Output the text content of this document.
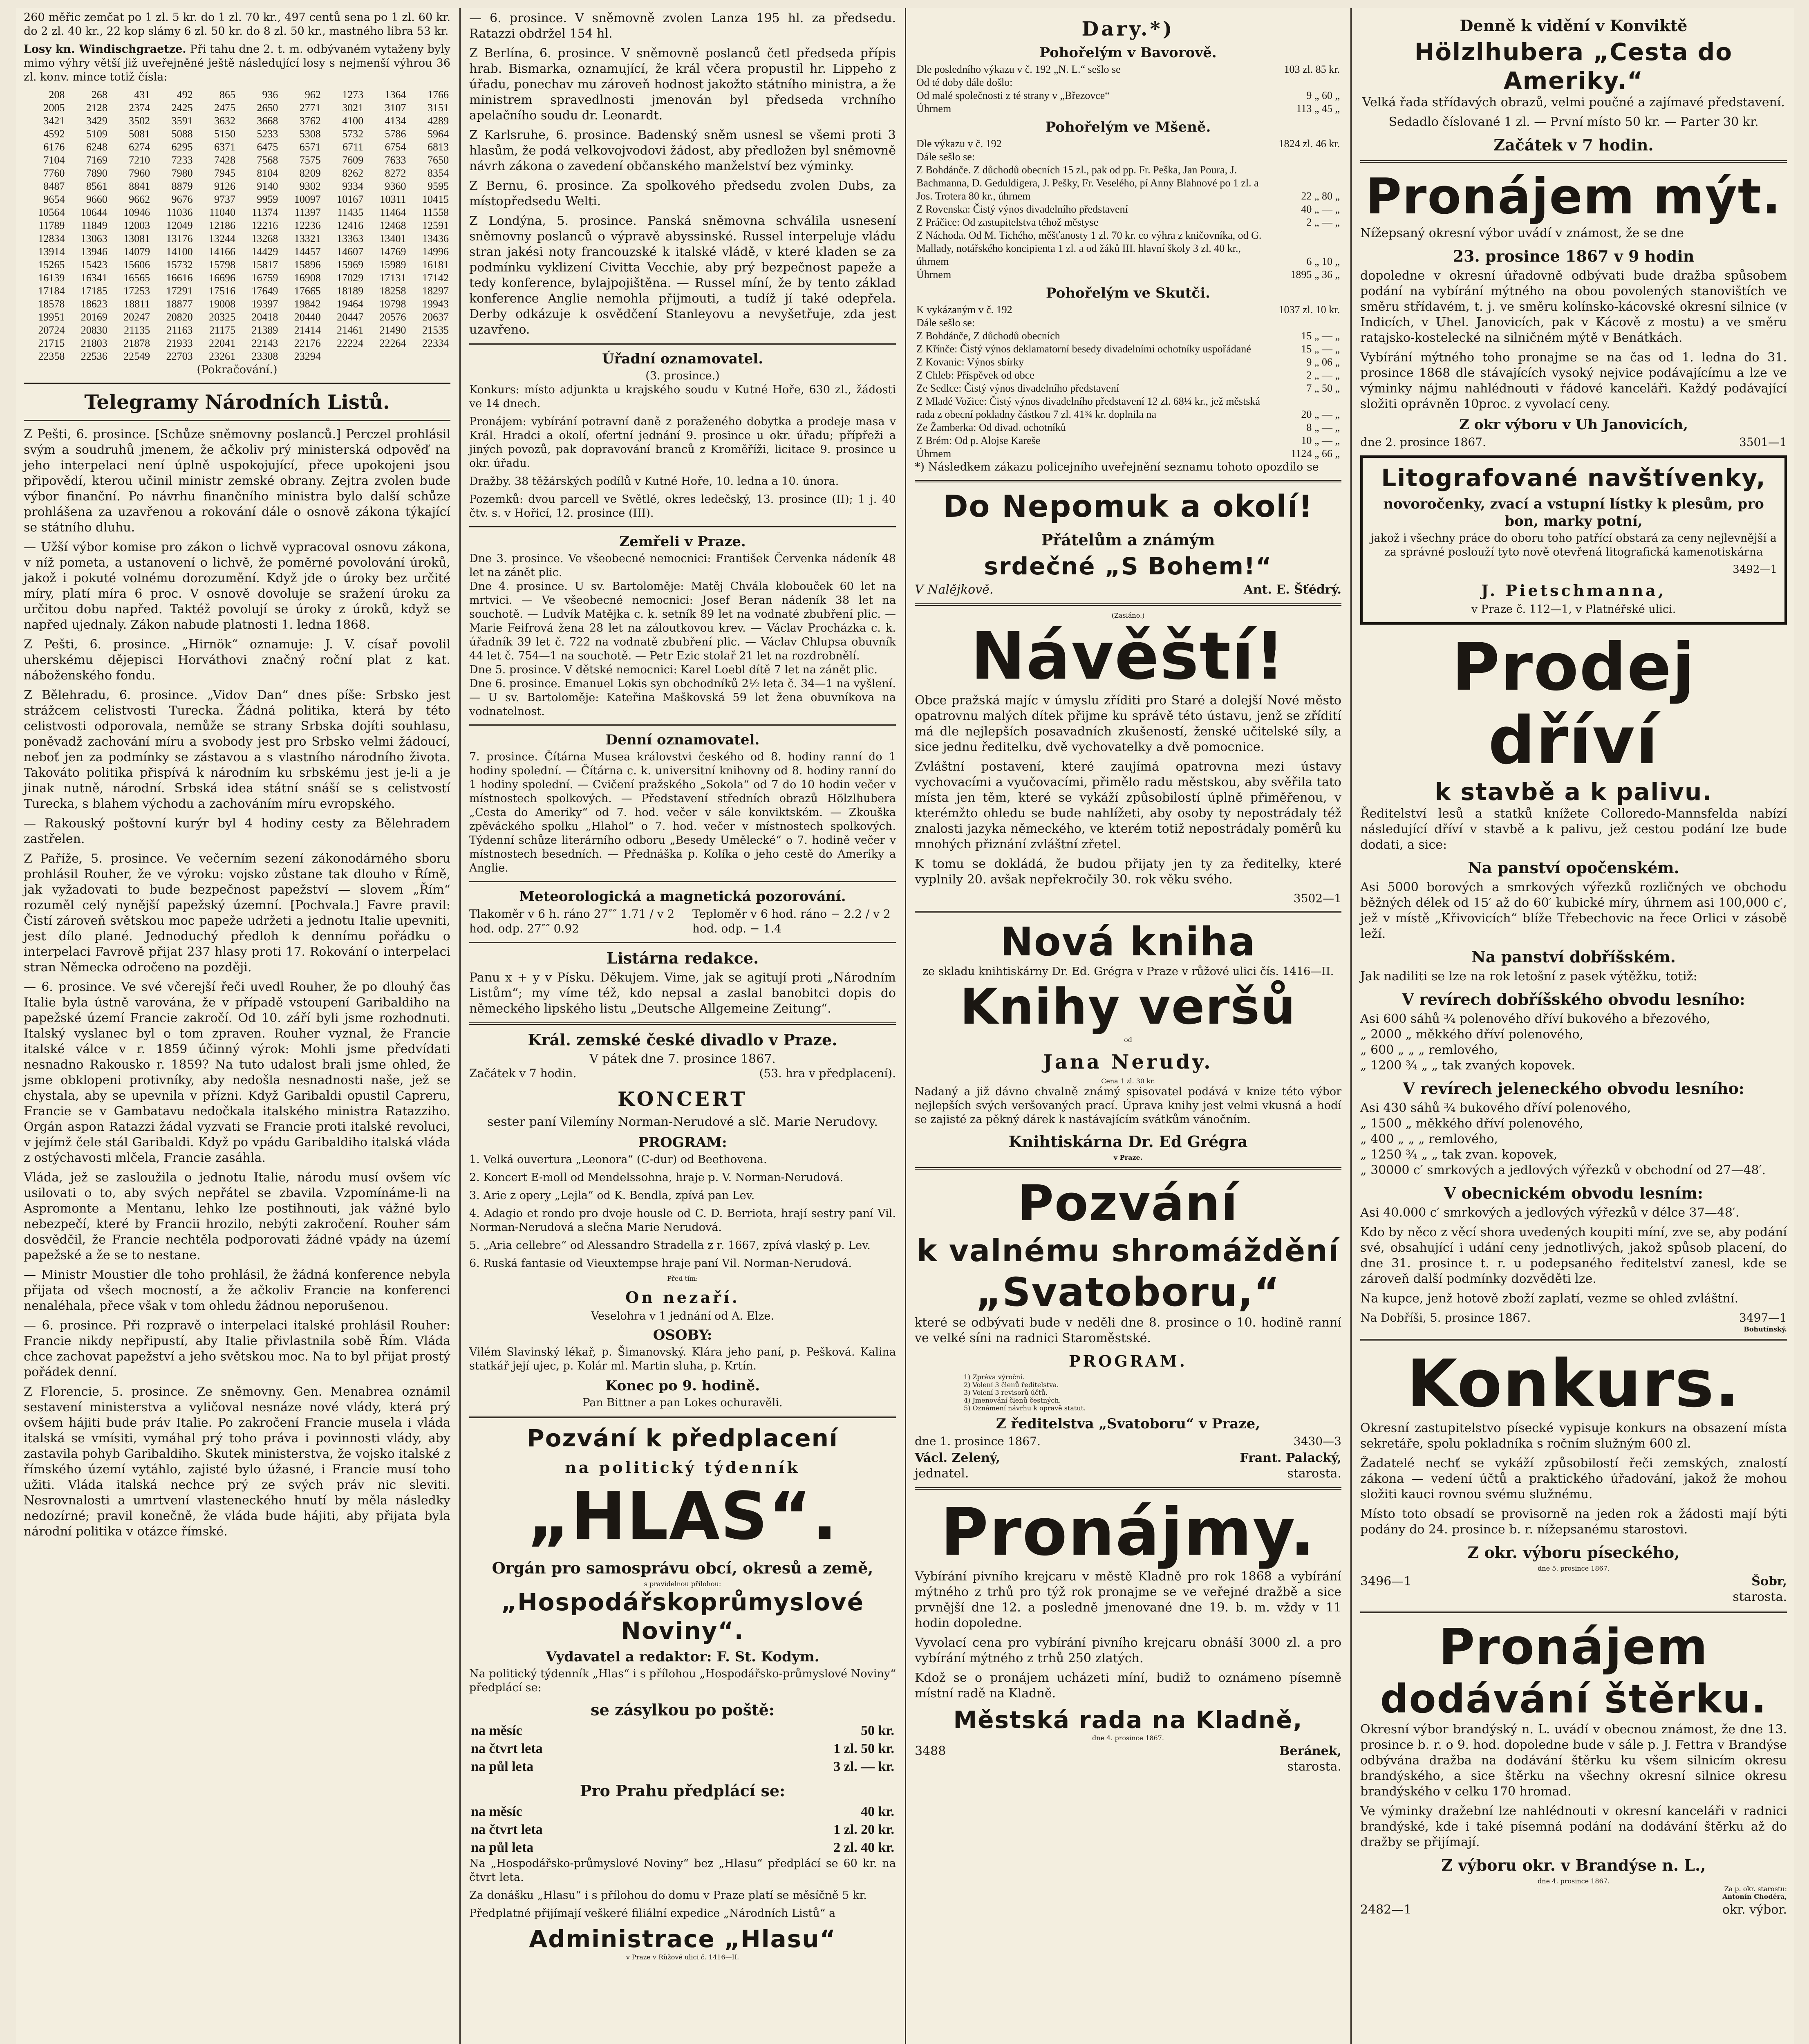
260 měřic zemčat po 1 zl. 5 kr. do 1 zl. 70 kr., 497 centů sena po 1 zl. 60 kr. do 2 zl. 40 kr., 22 kop slámy 6 zl. 50 kr. do 8 zl. 50 kr., mastného libra 53 kr.

Losy kn. Windischgraetze. Při tahu dne 2. t. m. odbývaném vytaženy byly mimo výhry větší již uveřejněné ještě následující losy s nejmenší výhrou 36 zl. konv. mince totiž čísla:

208	268	431	492	865	936	962	1273	1364	1766
2005	2128	2374	2425	2475	2650	2771	3021	3107	3151
3421	3429	3502	3591	3632	3668	3762	4100	4134	4289
4592	5109	5081	5088	5150	5233	5308	5732	5786	5964
6176	6248	6274	6295	6371	6475	6571	6711	6754	6813
7104	7169	7210	7233	7428	7568	7575	7609	7633	7650
7760	7890	7960	7980	7945	8104	8209	8262	8272	8354
8487	8561	8841	8879	9126	9140	9302	9334	9360	9595
9654	9660	9662	9676	9737	9959	10097	10167	10311	10415
10564	10644	10946	11036	11040	11374	11397	11435	11464	11558
11789	11849	12003	12049	12186	12216	12236	12416	12468	12591
12834	13063	13081	13176	13244	13268	13321	13363	13401	13436
13914	13946	14079	14100	14166	14429	14457	14607	14769	14996
15265	15423	15606	15732	15798	15817	15896	15969	15989	16181
16139	16341	16565	16616	16696	16759	16908	17029	17131	17142
17184	17185	17253	17291	17516	17649	17665	18189	18258	18297
18578	18623	18811	18877	19008	19397	19842	19464	19798	19943
19951	20169	20247	20820	20325	20418	20440	20447	20576	20637
20724	20830	21135	21163	21175	21389	21414	21461	21490	21535
21715	21803	21878	21933	22041	22143	22176	22224	22264	22334
22358	22536	22549	22703	23261	23308	23294			

(Pokračování.)

Telegramy Národních Listů.

Z Pešti, 6. prosince. [Schůze sněmovny poslanců.] Perczel prohlásil svým a soudruhů jmenem, že ačkoliv prý ministerská odpověď na jeho interpelaci není úplně uspokojující, přece upokojeni jsou připovědí, kterou učinil ministr zemské obrany. Zejtra zvolen bude výbor finanční. Po návrhu finančního ministra bylo další schůze prohlášena za uzavřenou a rokování dále o osnově zákona týkající se státního dluhu.

— Užší výbor komise pro zákon o lichvě vypracoval osnovu zákona, v níž pometa, a ustanovení o lichvě, že poměrné povolování úroků, jakož i pokuté volnému dorozumění. Když jde o úroky bez určité míry, platí míra 6 proc. V osnově dovoluje se sražení úroku za určitou dobu napřed. Taktéž povolují se úroky z úroků, když se napřed ujednaly. Zákon nabude platnosti 1. ledna 1868.

Z Pešti, 6. prosince. „Hirnök“ oznamuje: J. V. císař povolil uherskému dějepisci Horváthovi značný roční plat z kat. náboženského fondu.

Z Bělehradu, 6. prosince. „Vidov Dan“ dnes píše: Srbsko jest strážcem celistvosti Turecka. Žádná politika, která by této celistvosti odporovala, nemůže se strany Srbska dojíti souhlasu, poněvadž zachování míru a svobody jest pro Srbsko velmi žádoucí, neboť jen za podmínky se zástavou a s vlastního národního života. Takováto politika přispívá k národním ku srbskému jest je-li a je jinak nutně, národní. Srbská idea státní snáší se s celistvostí Turecka, s blahem východu a zachováním míru evropského.

— Rakouský poštovní kurýr byl 4 hodiny cesty za Bělehradem zastřelen.

Z Paříže, 5. prosince. Ve večerním sezení zákonodárného sboru prohlásil Rouher, že ve výroku: vojsko zůstane tak dlouho v Římě, jak vyžadovati to bude bezpečnost papežství — slovem „Řím“ rozuměl celý nynější papežský územní. [Pochvala.] Favre pravil: Čistí zároveň světskou moc papeže udržeti a jednotu Italie upevniti, jest dílo plané. Jednoduchý předloh k dennímu pořádku o interpelaci Favrově přijat 237 hlasy proti 17. Rokování o interpelaci stran Německa odročeno na později.

— 6. prosince. Ve své včerejší řeči uvedl Rouher, že po dlouhý čas Italie byla ústně varována, že v případě vstoupení Garibaldiho na papežské území Francie zakročí. Od 10. září byli jsme rozhodnuti. Italský vyslanec byl o tom zpraven. Rouher vyznal, že Francie italské válce v r. 1859 účinný výrok: Mohli jsme předvídati nesnadno Rakousko r. 1859? Na tuto udalost brali jsme ohled, že jsme obklopeni protivníky, aby nedošla nesnadnosti naše, jež se chystala, aby se upevnila v přízni. Když Garibaldi opustil Capreru, Francie se v Gambatavu nedočkala italského ministra Ratazziho. Orgán aspon Ratazzi žádal vyzvati se Francie proti italské revoluci, v jejímž čele stál Garibaldi. Když po vpádu Garibaldiho italská vláda z ostýchavosti mlčela, Francie zasáhla.

Vláda, jež se zasloužila o jednotu Italie, národu musí ovšem víc usilovati o to, aby svých nepřátel se zbavila. Vzpomínáme-li na Aspromonte a Mentanu, lehko lze postihnouti, jak vážné bylo nebezpečí, které by Francii hrozilo, nebýti zakročení. Rouher sám dosvědčil, že Francie nechtěla podporovati žádné vpády na území papežské a že se to nestane.

— Ministr Moustier dle toho prohlásil, že žádná konference nebyla přijata od všech mocností, a že ačkoliv Francie na konferenci nenaléhala, přece však v tom ohledu žádnou neporušenou.

— 6. prosince. Při rozpravě o interpelaci italské prohlásil Rouher: Francie nikdy nepřipustí, aby Italie přivlastnila sobě Řím. Vláda chce zachovat papežství a jeho světskou moc. Na to byl přijat prostý pořádek denní.

Z Florencie, 5. prosince. Ze sněmovny. Gen. Menabrea oznámil sestavení ministerstva a vyličoval nesnáze nové vlády, která prý ovšem hájiti bude práv Italie. Po zakročení Francie musela i vláda italská se vmísiti, vymáhal prý toho práva i povinnosti vlády, aby zastavila pohyb Garibaldiho. Skutek ministerstva, že vojsko italské z římského území vytáhlo, zajisté bylo úžasné, i Francie musí toho užiti. Vláda italská nechce prý ze svých práv nic sleviti. Nesrovnalosti a umrtvení vlasteneckého hnutí by měla následky nedozírné; pravil konečně, že vláda bude hájiti, aby přijata byla národní politika v otázce římské.

— 6. prosince. V sněmovně zvolen Lanza 195 hl. za předsedu. Ratazzi obdržel 154 hl.

Z Berlína, 6. prosince. V sněmovně poslanců četl předseda přípis hrab. Bismarka, oznamující, že král včera propustil hr. Lippeho z úřadu, ponechav mu zároveň hodnost jakožto státního ministra, a že ministrem spravedlnosti jmenován byl předseda vrchního apelačního soudu dr. Leonardt.

Z Karlsruhe, 6. prosince. Badenský sněm usnesl se všemi proti 3 hlasům, že podá velkovojvodovi žádost, aby předložen byl sněmovně návrh zákona o zavedení občanského manželství bez výminky.

Z Bernu, 6. prosince. Za spolkového předsedu zvolen Dubs, za místopředsedu Welti.

Z Londýna, 5. prosince. Panská sněmovna schválila usnesení sněmovny poslanců o výpravě abyssinské. Russel interpeluje vládu stran jakési noty francouzské k italské vládě, v které kladen se za podmínku vyklizení Civitta Vecchie, aby prý bezpečnost papeže a tedy konference, bylajpojištěna. — Russel míní, že by tento základ konference Anglie nemohla přijmouti, a tudíž jí také odepřela. Derby odkázuje k osvědčení Stanleyovu a nevyšetřuje, zda jest uzavřeno.

Úřadní oznamovatel.
(3. prosince.)

Konkurs: místo adjunkta u krajského soudu v Kutné Hoře, 630 zl., žádosti ve 14 dnech.

Pronájem: vybírání potravní daně z poraženého dobytka a prodeje masa v Král. Hradci a okolí, ofertní jednání 9. prosince u okr. úřadu; přípřeži a jiných povozů, pak dopravování branců z Kroměříži, licitace 9. prosince u okr. úřadu.

Dražby. 38 těžárských podílů v Kutné Hoře, 10. ledna a 10. února.

Pozemků: dvou parcell ve Světlé, okres ledečský, 13. prosince (II); 1 j. 40 čtv. s. v Hořicí, 12. prosince (III).

Zemřeli v Praze.

Dne 3. prosince. Ve všeobecné nemocnici: František Červenka nádeník 48 let na zánět plic.
Dne 4. prosince. U sv. Bartoloměje: Matěj Chvála klobouček 60 let na mrtvici. — Ve všeobecné nemocnici: Josef Beran nádeník 38 let na souchotě. — Ludvík Matějka c. k. setník 89 let na vodnaté zbubření plic. — Marie Feifrová žena 28 let na záloutkovou krev. — Václav Procházka c. k. úřadník 39 let č. 722 na vodnatě zbubření plic. — Václav Chlupsa obuvník 44 let č. 754—1 na souchotě. — Petr Ezic stolař 21 let na rozdrobnělí.
Dne 5. prosince. V dětské nemocnici: Karel Loebl dítě 7 let na zánět plic.
Dne 6. prosince. Emanuel Lokis syn obchodníků 2½ leta č. 34—1 na vyšlení. — U sv. Bartoloměje: Kateřina Maškovská 59 let žena obuvníkova na vodnatelnost.

Denní oznamovatel.

7. prosince. Čítárna Musea královstvi českého od 8. hodiny ranní do 1 hodiny spolední. — Čítárna c. k. universitní knihovny od 8. hodiny ranní do 1 hodiny spolední. — Cvičení pražského „Sokola“ od 7 do 10 hodin večer v místnostech spolkových. — Představení středních obrazů Hölzlhubera „Cesta do Ameriky“ od 7. hod. večer v sále konviktském. — Zkouška zpěváckého spolku „Hlahol“ o 7. hod. večer v místnostech spolkových. Týdenní schůze literárního odboru „Besedy Umělecké“ o 7. hodině večer v místnostech besedních. — Přednáška p. Kolíka o jeho cestě do Ameriky a Anglie.

Meteorologická a magnetická pozorování.
Tlakoměr v 6 h. ráno 27″″ 1.71 / v 2 hod. odp. 27″″ 0.92
Teploměr v 6 hod. ráno − 2.2 / v 2 hod. odp. − 1.4
Listárna redakce.

Panu x + y v Písku. Děkujem. Vime, jak se agitují proti „Národním Listům“; my víme též, kdo nepsal a zaslal banobitci dopis do německého lipského listu „Deutsche Allgemeine Zeitung“.

Král. zemské české divadlo v Praze.
V pátek dne 7. prosince 1867.
Začátek v 7 hodin.	(53. hra v předplacení).
KONCERT

sester paní Vilemíny Norman-Nerudové a slč. Marie Nerudovy.

PROGRAM:

1. Velká ouvertura „Leonora“ (C-dur) od Beethovena.

2. Koncert E-moll od Mendelssohna, hraje p. V. Norman-Nerudová.

3. Arie z opery „Lejla“ od K. Bendla, zpívá pan Lev.

4. Adagio et rondo pro dvoje housle od C. D. Berriota, hrají sestry paní Vil. Norman-Nerudová a slečna Marie Nerudová.

5. „Aria cellebre“ od Alessandro Stradella z r. 1667, zpívá vlaský p. Lev.

6. Ruská fantasie od Vieuxtempse hraje paní Vil. Norman-Nerudová.

Před tím:
On nezaří.
Veselohra v 1 jednání od A. Elze.
OSOBY:

Vilém Slavinský lékař, p. Šimanovský. Klára jeho paní, p. Pešková. Kalina statkář její ujec, p. Kolár ml. Martin sluha, p. Krtín.

Konec po 9. hodině.
Pan Bittner a pan Lokes ochuravěli.
Pozvání k předplacení
na politický týdenník
„HLAS“.
Orgán pro samosprávu obcí, okresů a země,
s pravidelnou přílohou:
„Hospodářskoprůmyslové Noviny“.
Vydavatel a redaktor: F. St. Kodym.

Na politický týdenník „Hlas“ i s přílohou „Hospodářsko-průmyslové Noviny“ předplácí se:

se zásylkou po poště:
na měsíc	50 kr.
na čtvrt leta	1 zl. 50 kr.
na půl leta	3 zl. — kr.
Pro Prahu předplácí se:
na měsíc	40 kr.
na čtvrt leta	1 zl. 20 kr.
na půl leta	2 zl. 40 kr.

Na „Hospodářsko-průmyslové Noviny“ bez „Hlasu“ předplácí se 60 kr. na čtvrt leta.

Za donášku „Hlasu“ i s přílohou do domu v Praze platí se měsíčně 5 kr.

Předplatné přijímají veškeré filiální expedice „Národních Listů“ a

Administrace „Hlasu“
v Praze v Růžové ulici č. 1416—II.
Dary.*)
Pohořelým v Bavorově.
Dle posledního výkazu v č. 192 „N. L.“ sešlo se	103 zl. 85 kr.
Od té doby dále došlo:	
Od malé společnosti z té strany v „Březovce“	9 „ 60 „
Úhrnem	113 „ 45 „
Pohořelým ve Mšeně.
Dle výkazu v č. 192	1824 zl. 46 kr.
Dále sešlo se:	
Z Bohdánče. Z důchodů obecních 15 zl., pak od pp. Fr. Peška, Jan Poura, J. Bachmanna, D. Geduldigera, J. Pešky, Fr. Veselého, pí Anny Blahnové po 1 zl. a Jos. Trotera 80 kr., úhrnem	22 „ 80 „
Z Rovenska: Čistý výnos divadelního představení	40 „ — „
Z Práčice: Od zastupitelstva téhož městyse	2 „ — „
Z Náchoda. Od M. Tichého, měšťanosty 1 zl. 70 kr. co výhra z kničovníka, od G. Mallady, notářského koncipienta 1 zl. a od žáků III. hlavní školy 3 zl. 40 kr., úhrnem	6 „ 10 „
Úhrnem	1895 „ 36 „
Pohořelým ve Skutči.
K vykázaným v č. 192	1037 zl. 10 kr.
Dále sešlo se:	
Z Bohdánče, Z důchodů obecních	15 „ — „
Z Křínče: Čistý výnos deklamatorní besedy divadelními ochotníky uspořádané	15 „ — „
Z Kovanic: Výnos sbírky	9 „ 06 „
Z Chleb: Příspěvek od obce	2 „ — „
Ze Sedlce: Čistý výnos divadelního představení	7 „ 50 „
Z Mladé Vožice: Čistý výnos divadelního představení 12 zl. 68¼ kr., jež městská rada z obecní pokladny částkou 7 zl. 41¾ kr. doplnila na	20 „ — „
Ze Žamberka: Od divad. ochotníků	8 „ — „
Z Brém: Od p. Alojse Kareše	10 „ — „
Úhrnem	1124 „ 66 „

*) Následkem zákazu policejního uveřejnění seznamu tohoto opozdilo se

Do Nepomuk a okolí!
Přátelům a známým
srdečné „S Bohem!“
V Nalějkově.	Ant. E. Šťédrý.
(Zasláno.)
Návěští!

Obce pražská majíc v úmyslu zříditi pro Staré a dolejší Nové město opatrovnu malých dítek přijme ku správě této ústavu, jenž se zřídití má dle nejlepších posavadních zkušeností, ženské učitelské síly, a sice jednu ředitelku, dvě vychovatelky a dvě pomocnice.

Zvláštní postavení, které zaujímá opatrovna mezi ústavy vychovacími a vyučovacími, přimělo radu městskou, aby svěřila tato místa jen těm, které se vykáží způsobilostí úplně přiměřenou, v kterémžto ohledu se bude nahlížeti, aby osoby ty nepostrádaly též znalosti jazyka německého, ve kterém totiž nepostrádaly poměrů ku mnohých přiznání zvláštní zřetel.

K tomu se dokládá, že budou přijaty jen ty za ředitelky, které vyplnily 20. avšak nepřekročily 30. rok věku svého.

3502—1
Nová kniha
ze skladu knihtiskárny Dr. Ed. Grégra v Praze v růžové ulici čís. 1416—II.
Knihy veršů
od
Jana Nerudy.
Cena 1 zl. 30 kr.

Nadaný a již dávno chvalně známý spisovatel podává v knize této výbor nejlepších svých veršovaných prací. Úprava knihy jest velmi vkusná a hodí se zajisté za pěkný dárek k nastávajícím svátkům vánočním.

Knihtiskárna Dr. Ed Grégra
v Praze.
Pozvání
k valnému shromáždění
„Svatoboru,“

které se odbývati bude v neděli dne 8. prosince o 10. hodině ranní ve velké síni na radnici Staroměstské.

PROGRAM.
1) Zpráva výroční.
2) Volení 3 členů ředitelstva.
3) Volení 3 revisorů účtů.
4) Jmenování členů čestných.
5) Oznámení návrhu k opravě statut.
Z ředitelstva „Svatoboru“ v Praze,
dne 1. prosince 1867.	3430—3
Václ. Zelený,
jednatel.
Frant. Palacký,
starosta.
Pronájmy.

Vybírání pivního krejcaru v městě Kladně pro rok 1868 a vybírání mýtného z trhů pro týž rok pronajme se ve veřejné dražbě a sice prvnější dne 12. a posledně jmenované dne 19. b. m. vždy v 11 hodin dopoledne.

Vyvolací cena pro vybírání pivního krejcaru obnáší 3000 zl. a pro vybírání mýtného z trhů 250 zlatých.

Kdož se o pronájem ucházeti míní, budiž to oznámeno písemně místní radě na Kladně.

Městská rada na Kladně,
dne 4. prosince 1867.
3488	Beránek,
starosta.
Denně k vidění v Konviktě
Hölzlhubera „Cesta do Ameriky.“

Velká řada střídavých obrazů, velmi poučné a zajímavé představení.

Sedadlo číslované 1 zl. — První místo 50 kr. — Parter 30 kr.

Začátek v 7 hodin.
Pronájem mýt.

Nížepsaný okresní výbor uvádí v známost, že se dne

23. prosince 1867 v 9 hodin

dopoledne v okresní úřadovně odbývati bude dražba spůsobem podání na vybírání mýtného na obou povolených stanovištích ve směru střídavém, t. j. ve směru kolínsko-kácovské okresní silnice (v Indicích, v Uhel. Janovicích, pak v Kácově z mostu) a ve směru ratajsko-kostelecké na silničném mýtě v Benátkách.

Vybírání mýtného toho pronajme se na čas od 1. ledna do 31. prosince 1868 dle stávajících vysoký nejvice podávajícímu a lze ve výminky nájmu nahlédnouti v řádové kanceláři. Každý podávající složiti oprávněn 10proc. z vyvolací ceny.

Z okr výboru v Uh Janovicích,
dne 2. prosince 1867.	3501—1
Litografované navštívenky,
novoročenky, zvací a vstupní lístky k plesům, pro bon, marky potní,

jakož i všechny práce do oboru toho patřící obstará za ceny nejlevnější a za správné poslouží tyto nově otevřená litografická kamenotiskárna

3492—1
J. Pietschmanna,
v Praze č. 112—1, v Platnéřské ulici.
Prodej dříví
k stavbě a k palivu.

Ředitelství lesů a statků knížete Colloredo-Mannsfelda nabízí následující dříví v stavbě a k palivu, jež cestou podání lze bude dodati, a sice:

Na panství opočenském.

Asi 5000 borových a smrkových výřezků rozličných ve obchodu běžných délek od 15′ až do 60′ kubické míry, úhrnem asi 100,000 c′, jež v místě „Křivovicích“ blíže Třebechovic na řece Orlici v zásobě leží.

Na panství dobříšském.

Jak nadiliti se lze na rok letošní z pasek výtěžku, totiž:

V revírech dobříšského obvodu lesního:
Asi 600 sáhů ¾ polenového dříví bukového a březového,
„ 2000 „ měkkého dříví polenového,
„ 600 „ „ „ remlového,
„ 1200 ¾ „ „ tak zvaných kopovek.
V revírech jeleneckého obvodu lesního:
Asi 430 sáhů ¾ bukového dříví polenového,
„ 1500 „ měkkého dříví polenového,
„ 400 „ „ „ remlového,
„ 1250 ¾ „ „ tak zvan. kopovek,
„ 30000 c′ smrkových a jedlových výřezků v obchodní od 27—48′.
V obecnickém obvodu lesním:

Asi 40.000 c′ smrkových a jedlových výřezků v délce 37—48′.

Kdo by něco z věcí shora uvedených koupiti míní, zve se, aby podání své, obsahující i udání ceny jednotlivých, jakož spůsob placení, do dne 31. prosince t. r. u podepsaného ředitelství zanesl, kde se zároveň další podmínky dozvěděti lze.

Na kupce, jenž hotově zboží zaplatí, vezme se ohled zvláštní.

Na Dobříši, 5. prosince 1867.	3497—1
Bohutínský.
Konkurs.

Okresní zastupitelstvo písecké vypisuje konkurs na obsazení místa sekretáře, spolu pokladníka s ročním služným 600 zl.

Žadatelé nechť se vykáží způsobilostí řeči zemských, znalostí zákona — vedení účtů a praktického úřadování, jakož že mohou složiti kauci rovnou svému služnému.

Místo toto obsadí se provisorně na jeden rok a žádosti mají býti podány do 24. prosince b. r. nížepsanému starostovi.

Z okr. výboru píseckého,
dne 5. prosince 1867.
3496—1	Šobr,
starosta.
Pronájem
dodávání štěrku.

Okresní výbor brandýský n. L. uvádí v obecnou známost, že dne 13. prosince b. r. o 9. hod. dopoledne bude v sále p. J. Fettra v Brandýse odbývána dražba na dodávání štěrku ku všem silnicím okresu brandýského, a sice štěrku na všechny okresní silnice okresu brandýského v celku 170 hromad.

Ve výminky dražební lze nahlédnouti v okresní kanceláři v radnici brandýské, kde i také písemná podání na dodávání štěrku až do dražby se přijímají.

Z výboru okr. v Brandýse n. L.,
dne 4. prosince 1867.
Za p. okr. starostu:
Antonín Chodéra,
2482—1	okr. výbor.
